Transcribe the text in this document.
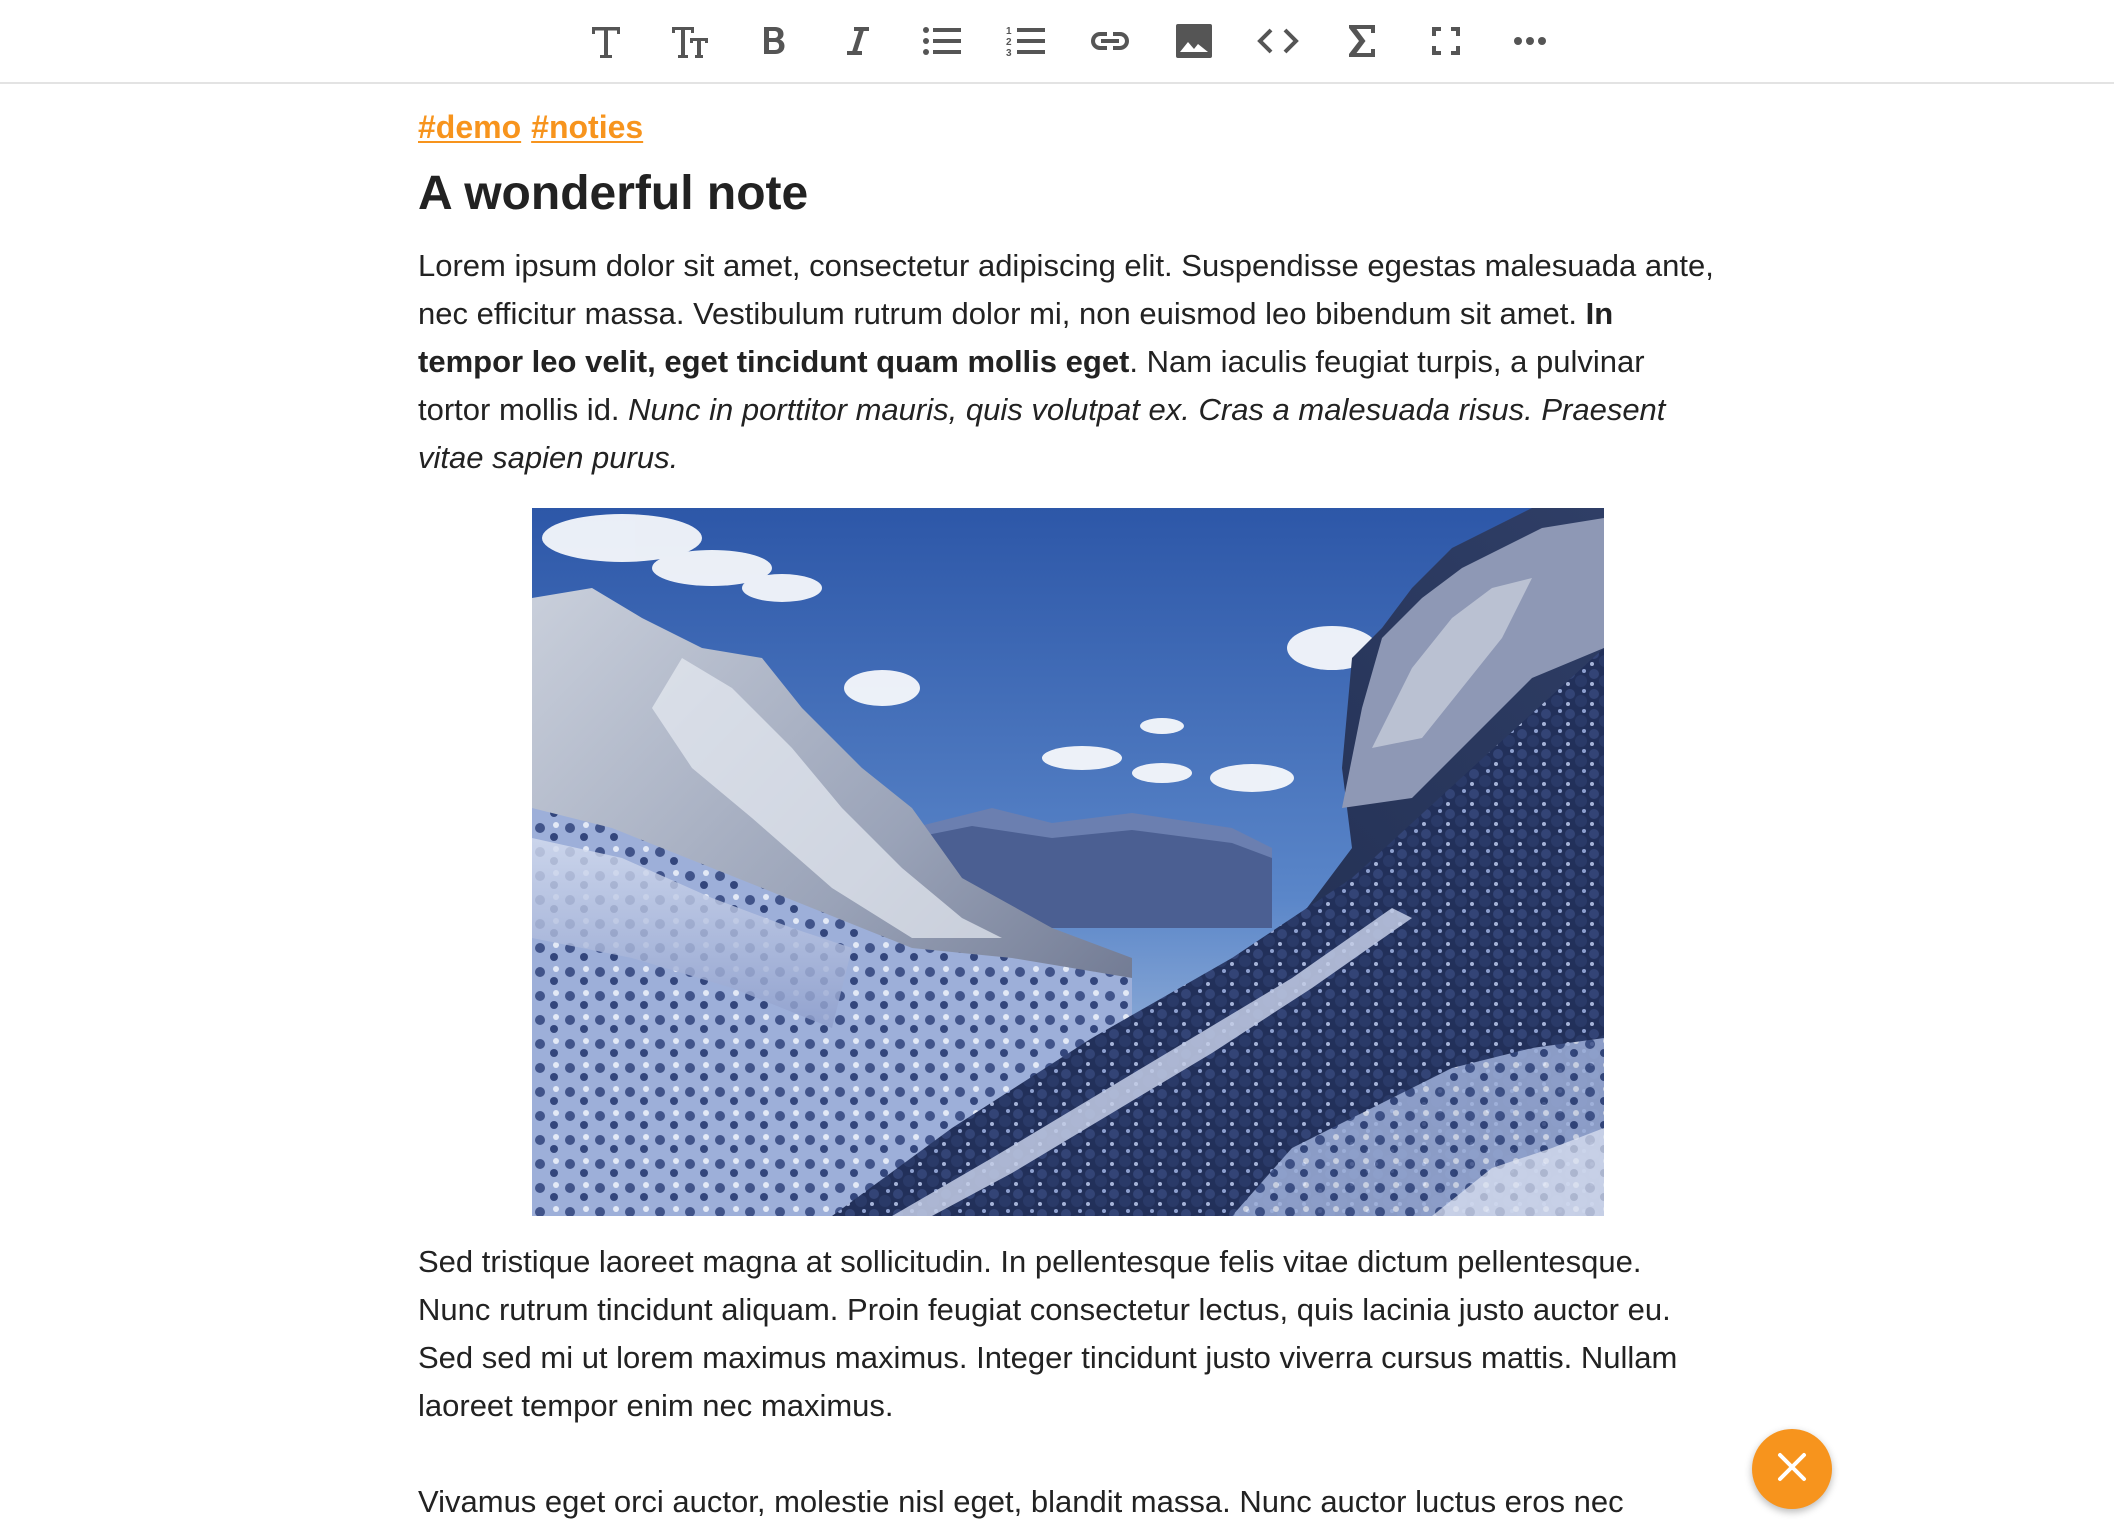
1
2
3
#demo #noties
A wonderful note

Lorem ipsum dolor sit amet, consectetur adipiscing elit. Suspendisse egestas malesuada ante, nec efficitur massa. Vestibulum rutrum dolor mi, non euismod leo bibendum sit amet. In tempor leo velit, eget tincidunt quam mollis eget. Nam iaculis feugiat turpis, a pulvinar tortor mollis id. Nunc in porttitor mauris, quis volutpat ex. Cras a malesuada risus. Praesent vitae sapien purus.

Sed tristique laoreet magna at sollicitudin. In pellentesque felis vitae dictum pellentesque. Nunc rutrum tincidunt aliquam. Proin feugiat consectetur lectus, quis lacinia justo auctor eu. Sed sed mi ut lorem maximus maximus. Integer tincidunt justo viverra cursus mattis. Nullam laoreet tempor enim nec maximus.

Vivamus eget orci auctor, molestie nisl eget, blandit massa. Nunc auctor luctus eros nec
